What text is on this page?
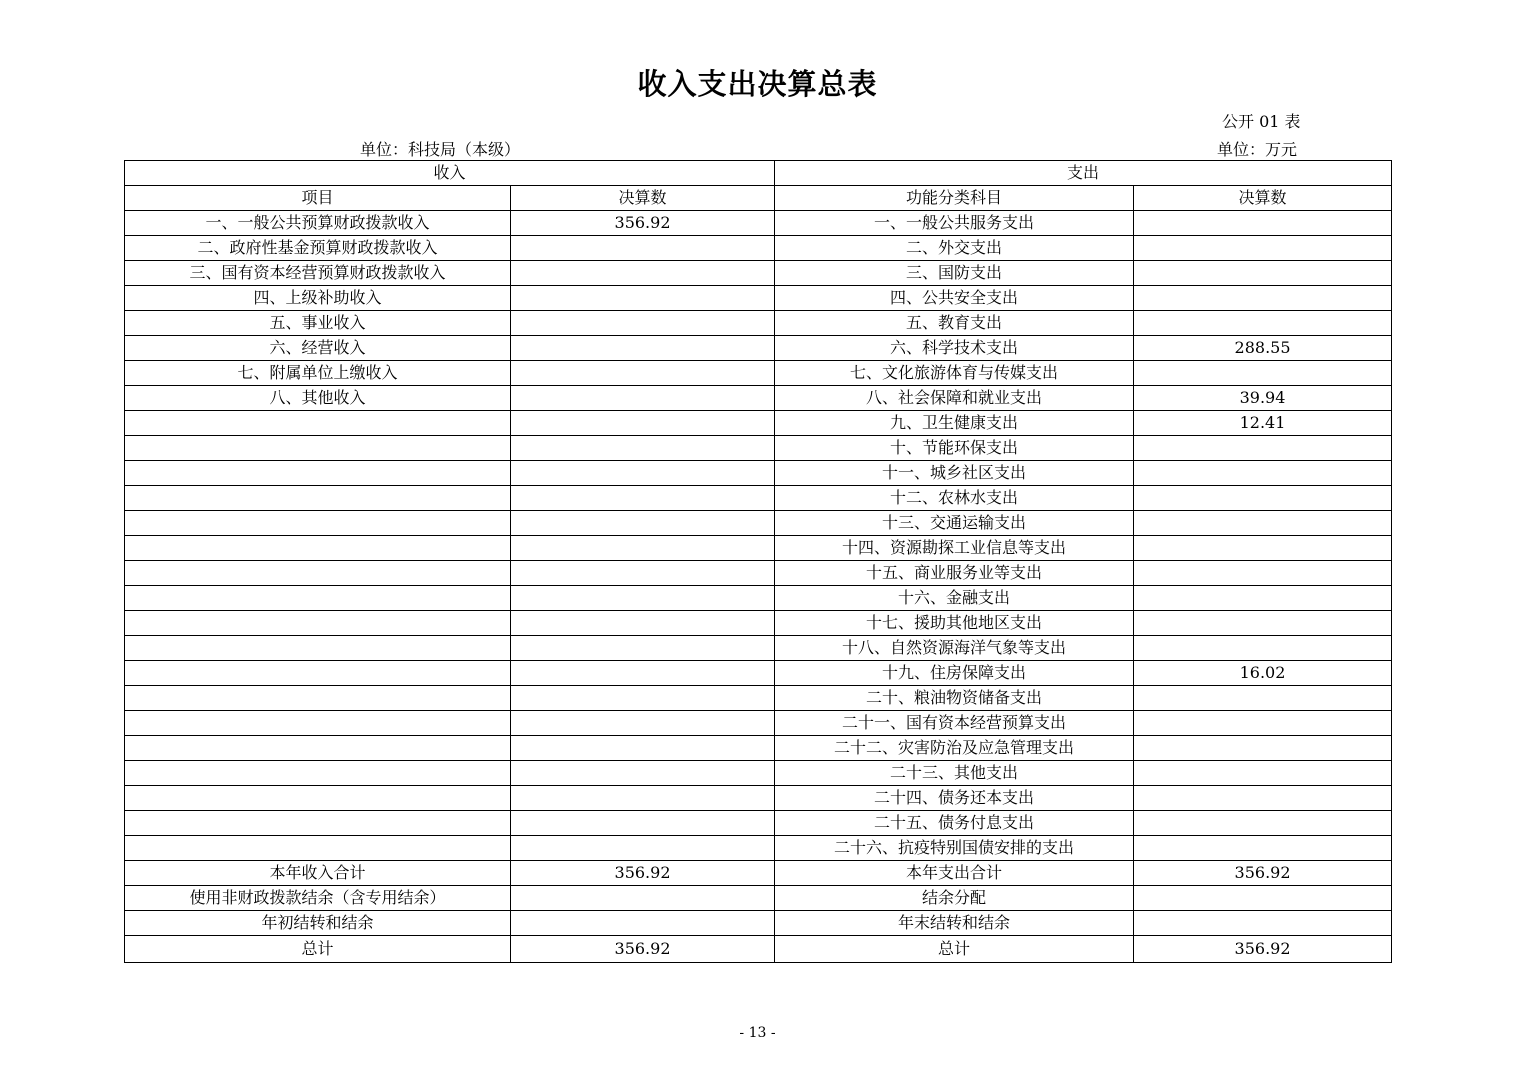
收入支出决算总表
公开 01 表
单位：科技局（本级）	单位：万元
收入		支出	
项目	决算数	功能分类科目	决算数
一、一般公共预算财政拨款收入	356.92	一、一般公共服务支出	
二、政府性基金预算财政拨款收入		二、外交支出	
三、国有资本经营预算财政拨款收入		三、国防支出	
四、上级补助收入		四、公共安全支出	
五、事业收入		五、教育支出	
六、经营收入		六、科学技术支出	288.55
七、附属单位上缴收入		七、文化旅游体育与传媒支出	
八、其他收入		八、社会保障和就业支出	39.94
		九、卫生健康支出	12.41
		十、节能环保支出	
		十一、城乡社区支出	
		十二、农林水支出	
		十三、交通运输支出	
		十四、资源勘探工业信息等支出	
		十五、商业服务业等支出	
		十六、金融支出	
		十七、援助其他地区支出	
		十八、自然资源海洋气象等支出	
		十九、住房保障支出	16.02
		二十、粮油物资储备支出	
		二十一、国有资本经营预算支出	
		二十二、灾害防治及应急管理支出	
		二十三、其他支出	
		二十四、债务还本支出	
		二十五、债务付息支出	
		二十六、抗疫特别国债安排的支出	
本年收入合计	356.92	本年支出合计	356.92
使用非财政拨款结余（含专用结余）		结余分配	
年初结转和结余		年末结转和结余	
总计	356.92	总计	356.92
- 13 -
